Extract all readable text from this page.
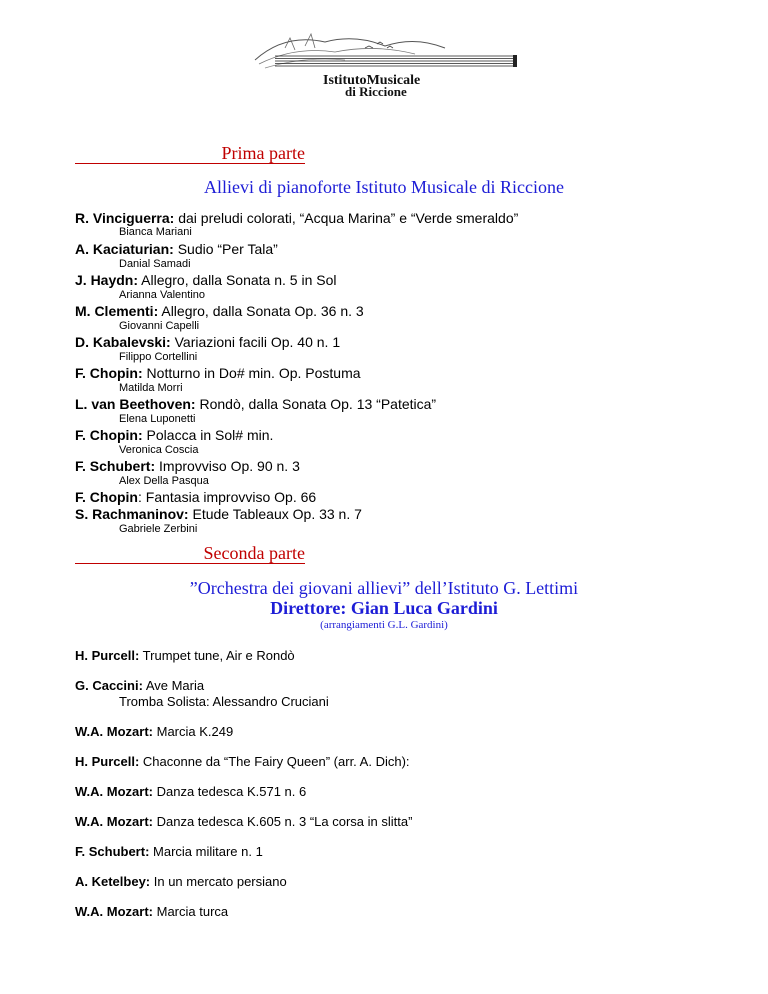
IstitutoMusicale
di Riccione
Prima parte
Allievi di pianoforte Istituto Musicale di Riccione
R. Vinciguerra: dai preludi colorati, “Acqua Marina” e “Verde smeraldo”
Bianca Mariani
A. Kaciaturian: Sudio “Per Tala”
Danial Samadi
J. Haydn: Allegro, dalla Sonata n. 5 in Sol
Arianna Valentino
M. Clementi: Allegro, dalla Sonata Op. 36 n. 3
Giovanni Capelli
D. Kabalevski: Variazioni facili Op. 40 n. 1
Filippo Cortellini
F. Chopin: Notturno in Do# min. Op. Postuma
Matilda Morri
L. van Beethoven: Rondò, dalla Sonata Op. 13 “Patetica”
Elena Luponetti
F. Chopin: Polacca in Sol# min.
Veronica Coscia
F. Schubert: Improvviso Op. 90 n. 3
Alex Della Pasqua
F. Chopin: Fantasia improvviso Op. 66
S. Rachmaninov: Etude Tableaux Op. 33 n. 7
Gabriele Zerbini
Seconda parte
”Orchestra dei giovani allievi” dell’Istituto G. Lettimi
Direttore: Gian Luca Gardini
(arrangiamenti G.L. Gardini)
H. Purcell: Trumpet tune, Air e Rondò
G. Caccini: Ave Maria
Tromba Solista: Alessandro Cruciani
W.A. Mozart: Marcia K.249
H. Purcell: Chaconne da “The Fairy Queen” (arr. A. Dich):
W.A. Mozart: Danza tedesca K.571 n. 6
W.A. Mozart: Danza tedesca K.605 n. 3 “La corsa in slitta”
F. Schubert: Marcia militare n. 1
A. Ketelbey: In un mercato persiano
W.A. Mozart: Marcia turca
